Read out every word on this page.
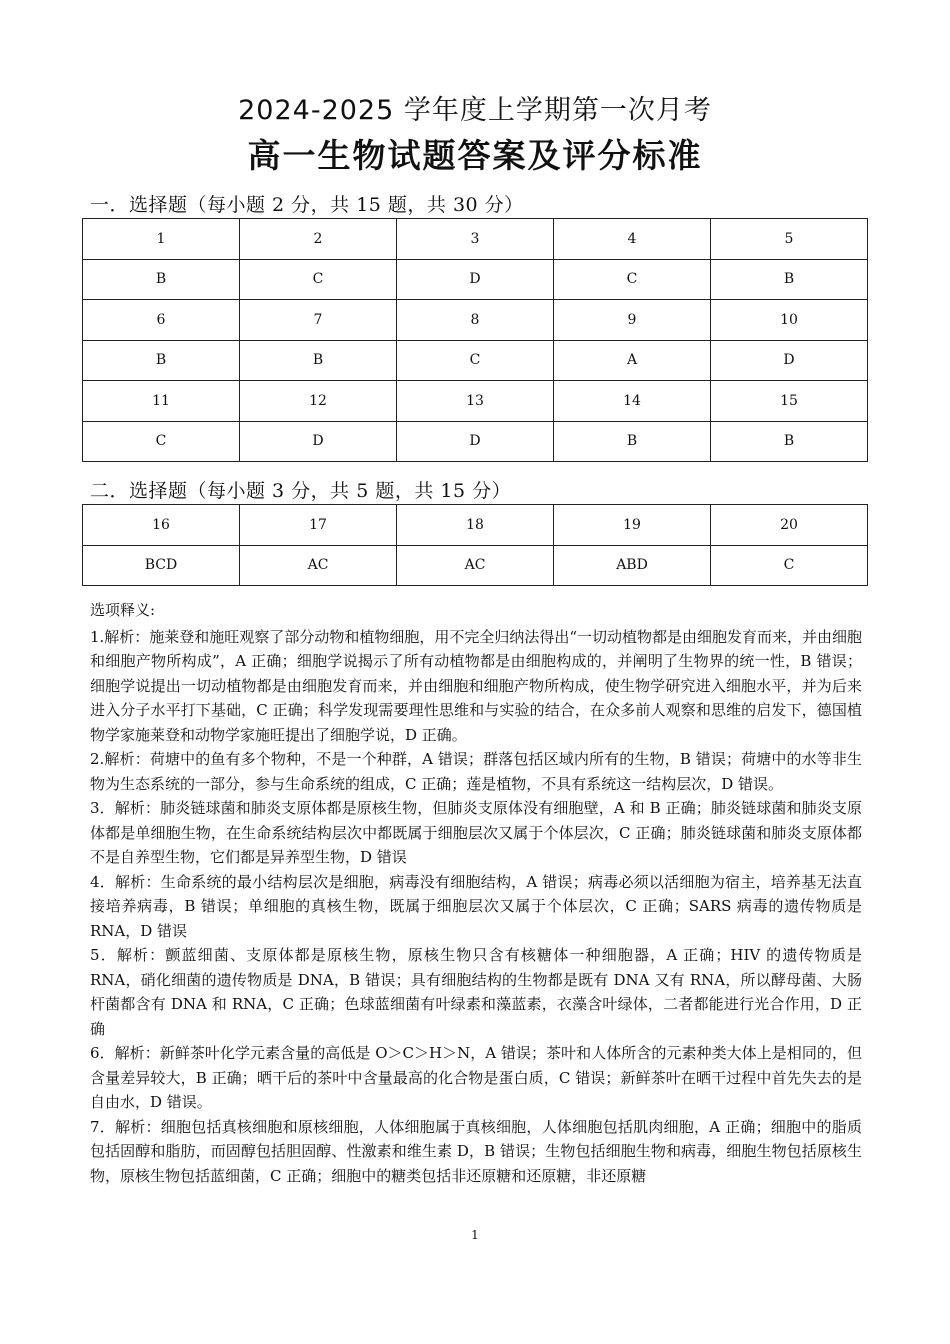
2024-2025 学年度上学期第一次月考
高一生物试题答案及评分标准
一．选择题（每小题 2 分，共 15 题，共 30 分）
1	2	3	4	5
B	C	D	C	B
6	7	8	9	10
B	B	C	A	D
11	12	13	14	15
C	D	D	B	B
二．选择题（每小题 3 分，共 5 题，共 15 分）
16	17	18	19	20
BCD	AC	AC	ABD	C

选项释义:

1.解析：施莱登和施旺观察了部分动物和植物细胞，用不完全归纳法得出“一切动植物都是由细胞发育而来，并由细胞和细胞产物所构成”，A 正确；细胞学说揭示了所有动植物都是由细胞构成的，并阐明了生物界的统一性，B 错误；细胞学说提出一切动植物都是由细胞发育而来，并由细胞和细胞产物所构成，使生物学研究进入细胞水平，并为后来进入分子水平打下基础，C 正确；科学发现需要理性思维和与实验的结合，在众多前人观察和思维的启发下，德国植物学家施莱登和动物学家施旺提出了细胞学说，D 正确。

2.解析：荷塘中的鱼有多个物种，不是一个种群，A 错误；群落包括区域内所有的生物，B 错误；荷塘中的水等非生物为生态系统的一部分，参与生命系统的组成，C 正确；莲是植物，不具有系统这一结构层次，D 错误。

3．解析：肺炎链球菌和肺炎支原体都是原核生物，但肺炎支原体没有细胞壁，A 和 B 正确；肺炎链球菌和肺炎支原体都是单细胞生物，在生命系统结构层次中都既属于细胞层次又属于个体层次，C 正确；肺炎链球菌和肺炎支原体都不是自养型生物，它们都是异养型生物，D 错误

4．解析：生命系统的最小结构层次是细胞，病毒没有细胞结构，A 错误；病毒必须以活细胞为宿主，培养基无法直接培养病毒，B 错误；单细胞的真核生物，既属于细胞层次又属于个体层次，C 正确；SARS 病毒的遗传物质是 RNA，D 错误

5．解析：颤蓝细菌、支原体都是原核生物，原核生物只含有核糖体一种细胞器，A 正确；HIV 的遗传物质是 RNA，硝化细菌的遗传物质是 DNA，B 错误；具有细胞结构的生物都是既有 DNA 又有 RNA，所以酵母菌、大肠杆菌都含有 DNA 和 RNA，C 正确；色球蓝细菌有叶绿素和藻蓝素，衣藻含叶绿体，二者都能进行光合作用，D 正确

6．解析：新鲜茶叶化学元素含量的高低是 O＞C＞H＞N，A 错误；茶叶和人体所含的元素种类大体上是相同的，但含量差异较大，B 正确；晒干后的茶叶中含量最高的化合物是蛋白质，C 错误；新鲜茶叶在晒干过程中首先失去的是自由水，D 错误。

7．解析：细胞包括真核细胞和原核细胞，人体细胞属于真核细胞，人体细胞包括肌肉细胞，A 正确；细胞中的脂质包括固醇和脂肪，而固醇包括胆固醇、性激素和维生素 D，B 错误；生物包括细胞生物和病毒，细胞生物包括原核生物，原核生物包括蓝细菌，C 正确；细胞中的糖类包括非还原糖和还原糖，非还原糖

1
